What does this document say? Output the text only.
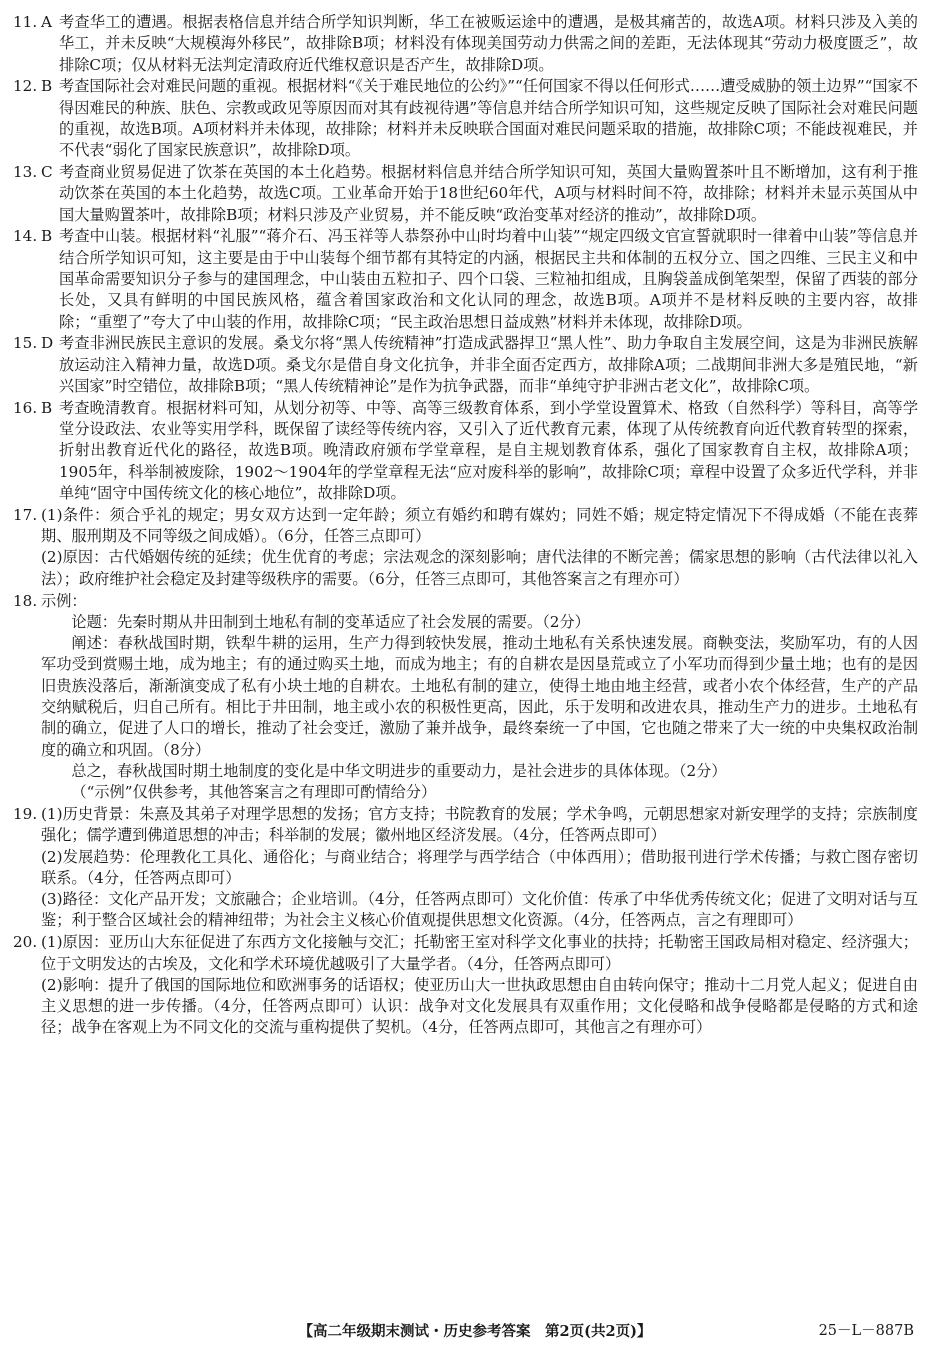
11. A 考查华工的遭遇。根据表格信息并结合所学知识判断，华工在被贩运途中的遭遇，是极其痛苦的，故选A项。材料只涉及入美的华工，并未反映“大规模海外移民”，故排除B项；材料没有体现美国劳动力供需之间的差距，无法体现其“劳动力极度匮乏”，故排除C项；仅从材料无法判定清政府近代维权意识是否产生，故排除D项。
12. B 考查国际社会对难民问题的重视。根据材料“《关于难民地位的公约》”“任何国家不得以任何形式……遭受威胁的领土边界”“国家不得因难民的种族、肤色、宗教或政见等原因而对其有歧视待遇”等信息并结合所学知识可知，这些规定反映了国际社会对难民问题的重视，故选B项。A项材料并未体现，故排除；材料并未反映联合国面对难民问题采取的措施，故排除C项；不能歧视难民，并不代表“弱化了国家民族意识”，故排除D项。
13. C 考查商业贸易促进了饮茶在英国的本土化趋势。根据材料信息并结合所学知识可知，英国大量购置茶叶且不断增加，这有利于推动饮茶在英国的本土化趋势，故选C项。工业革命开始于18世纪60年代，A项与材料时间不符，故排除；材料并未显示英国从中国大量购置茶叶，故排除B项；材料只涉及产业贸易，并不能反映“政治变革对经济的推动”，故排除D项。
14. B 考查中山装。根据材料“礼服”“蒋介石、冯玉祥等人恭祭孙中山时均着中山装”“规定四级文官宣誓就职时一律着中山装”等信息并结合所学知识可知，这主要是由于中山装每个细节都有其特定的内涵，根据民主共和体制的五权分立、国之四维、三民主义和中国革命需要知识分子参与的建国理念，中山装由五粒扣子、四个口袋、三粒袖扣组成，且胸袋盖成倒笔架型，保留了西装的部分长处，又具有鲜明的中国民族风格，蕴含着国家政治和文化认同的理念，故选B项。A项并不是材料反映的主要内容，故排除；“重塑了”夸大了中山装的作用，故排除C项；“民主政治思想日益成熟”材料并未体现，故排除D项。
15. D 考查非洲民族民主意识的发展。桑戈尔将“黑人传统精神”打造成武器捍卫“黑人性”、助力争取自主发展空间，这是为非洲民族解放运动注入精神力量，故选D项。桑戈尔是借自身文化抗争，并非全面否定西方，故排除A项；二战期间非洲大多是殖民地，“新兴国家”时空错位，故排除B项；“黑人传统精神论”是作为抗争武器，而非“单纯守护非洲古老文化”，故排除C项。
16. B 考查晚清教育。根据材料可知，从划分初等、中等、高等三级教育体系，到小学堂设置算术、格致（自然科学）等科目，高等学堂分设政法、农业等实用学科，既保留了读经等传统内容，又引入了近代教育元素，体现了从传统教育向近代教育转型的探索，折射出教育近代化的路径，故选B项。晚清政府颁布学堂章程，是自主规划教育体系，强化了国家教育自主权，故排除A项；1905年，科举制被废除，1902～1904年的学堂章程无法“应对废科举的影响”，故排除C项；章程中设置了众多近代学科，并非单纯“固守中国传统文化的核心地位”，故排除D项。
17. (1)条件：须合乎礼的规定；男女双方达到一定年龄；须立有婚约和聘有媒妁；同姓不婚；规定特定情况下不得成婚（不能在丧葬期、服刑期及不同等级之间成婚）。（6分，任答三点即可）
(2)原因：古代婚姻传统的延续；优生优育的考虑；宗法观念的深刻影响；唐代法律的不断完善；儒家思想的影响（古代法律以礼入法）；政府维护社会稳定及封建等级秩序的需要。（6分，任答三点即可，其他答案言之有理亦可）
18. 示例：
论题：先秦时期从井田制到土地私有制的变革适应了社会发展的需要。（2分）
阐述：春秋战国时期，铁犁牛耕的运用，生产力得到较快发展，推动土地私有关系快速发展。商鞅变法，奖励军功，有的人因军功受到赏赐土地，成为地主；有的通过购买土地，而成为地主；有的自耕农是因垦荒或立了小军功而得到少量土地；也有的是因旧贵族没落后，渐渐演变成了私有小块土地的自耕农。土地私有制的建立，使得土地由地主经营，或者小农个体经营，生产的产品交纳赋税后，归自己所有。相比于井田制，地主或小农的积极性更高，因此，乐于发明和改进农具，推动生产力的进步。土地私有制的确立，促进了人口的增长，推动了社会变迁，激励了兼并战争，最终秦统一了中国，它也随之带来了大一统的中央集权政治制度的确立和巩固。（8分）
总之，春秋战国时期土地制度的变化是中华文明进步的重要动力，是社会进步的具体体现。（2分）
（“示例”仅供参考，其他答案言之有理即可酌情给分）
19. (1)历史背景：朱熹及其弟子对理学思想的发扬；官方支持；书院教育的发展；学术争鸣，元朝思想家对新安理学的支持；宗族制度强化；儒学遭到佛道思想的冲击；科举制的发展；徽州地区经济发展。（4分，任答两点即可）
(2)发展趋势：伦理教化工具化、通俗化；与商业结合；将理学与西学结合（中体西用）；借助报刊进行学术传播；与救亡图存密切联系。（4分，任答两点即可）
(3)路径：文化产品开发；文旅融合；企业培训。（4分，任答两点即可）文化价值：传承了中华优秀传统文化；促进了文明对话与互鉴；利于整合区域社会的精神纽带；为社会主义核心价值观提供思想文化资源。（4分，任答两点，言之有理即可）
20. (1)原因：亚历山大东征促进了东西方文化接触与交汇；托勒密王室对科学文化事业的扶持；托勒密王国政局相对稳定、经济强大；位于文明发达的古埃及，文化和学术环境优越吸引了大量学者。（4分，任答两点即可）
(2)影响：提升了俄国的国际地位和欧洲事务的话语权；使亚历山大一世执政思想由自由转向保守；推动十二月党人起义；促进自由主义思想的进一步传播。（4分，任答两点即可）认识：战争对文化发展具有双重作用；文化侵略和战争侵略都是侵略的方式和途径；战争在客观上为不同文化的交流与重构提供了契机。（4分，任答两点即可，其他言之有理亦可）
【高二年级期末测试・历史参考答案　第2页(共2页)】	25－L－887B
